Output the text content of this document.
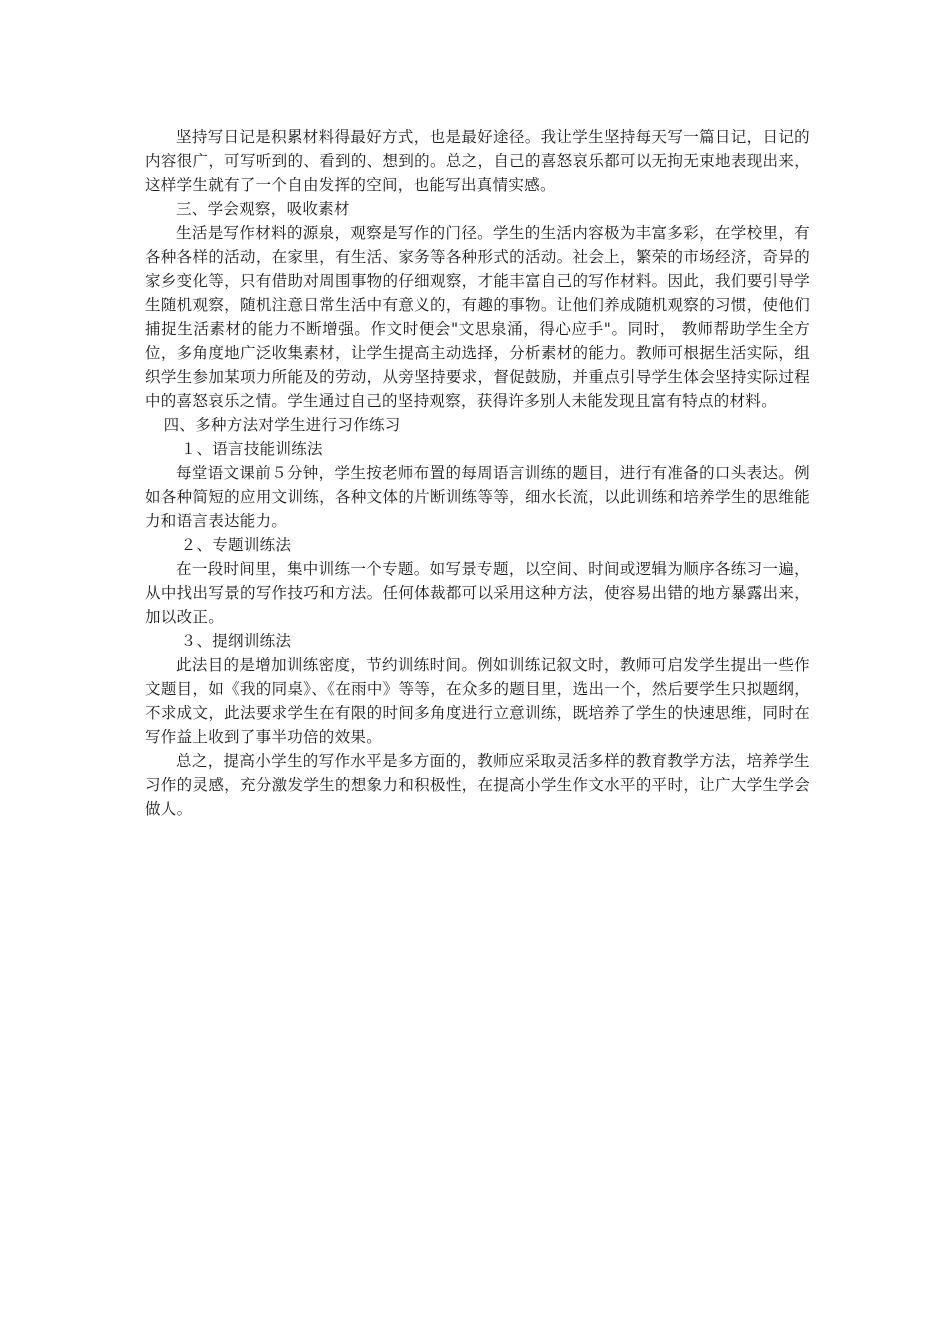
坚持写日记是积累材料得最好方式，也是最好途径。我让学生坚持每天写一篇日记，日记的内容很广，可写听到的、看到的、想到的。总之，自己的喜怒哀乐都可以无拘无束地表现出来，这样学生就有了一个自由发挥的空间，也能写出真情实感。

三、学会观察，吸收素材

生活是写作材料的源泉，观察是写作的门径。学生的生活内容极为丰富多彩，在学校里，有各种各样的活动，在家里，有生活、家务等各种形式的活动。社会上，繁荣的市场经济，奇异的家乡变化等，只有借助对周围事物的仔细观察，才能丰富自己的写作材料。因此，我们要引导学生随机观察，随机注意日常生活中有意义的，有趣的事物。让他们养成随机观察的习惯，使他们捕捉生活素材的能力不断增强。作文时便会"文思泉涌，得心应手"。同时， 教师帮助学生全方位，多角度地广泛收集素材，让学生提高主动选择，分析素材的能力。教师可根据生活实际，组织学生参加某项力所能及的劳动，从旁坚持要求，督促鼓励，并重点引导学生体会坚持实际过程中的喜怒哀乐之情。学生通过自己的坚持观察，获得许多别人未能发现且富有特点的材料。

四、多种方法对学生进行习作练习

１、语言技能训练法

每堂语文课前５分钟，学生按老师布置的每周语言训练的题目，进行有准备的口头表达。例如各种简短的应用文训练，各种文体的片断训练等等，细水长流，以此训练和培养学生的思维能力和语言表达能力。

２、专题训练法

在一段时间里，集中训练一个专题。如写景专题，以空间、时间或逻辑为顺序各练习一遍，从中找出写景的写作技巧和方法。任何体裁都可以采用这种方法，使容易出错的地方暴露出来，加以改正。

３、提纲训练法

此法目的是增加训练密度，节约训练时间。例如训练记叙文时，教师可启发学生提出一些作文题目，如《我的同桌》、《在雨中》等等，在众多的题目里，选出一个，然后要学生只拟题纲，不求成文，此法要求学生在有限的时间多角度进行立意训练，既培养了学生的快速思维，同时在写作益上收到了事半功倍的效果。

总之，提高小学生的写作水平是多方面的，教师应采取灵活多样的教育教学方法，培养学生习作的灵感，充分激发学生的想象力和积极性，在提高小学生作文水平的平时，让广大学生学会做人。
